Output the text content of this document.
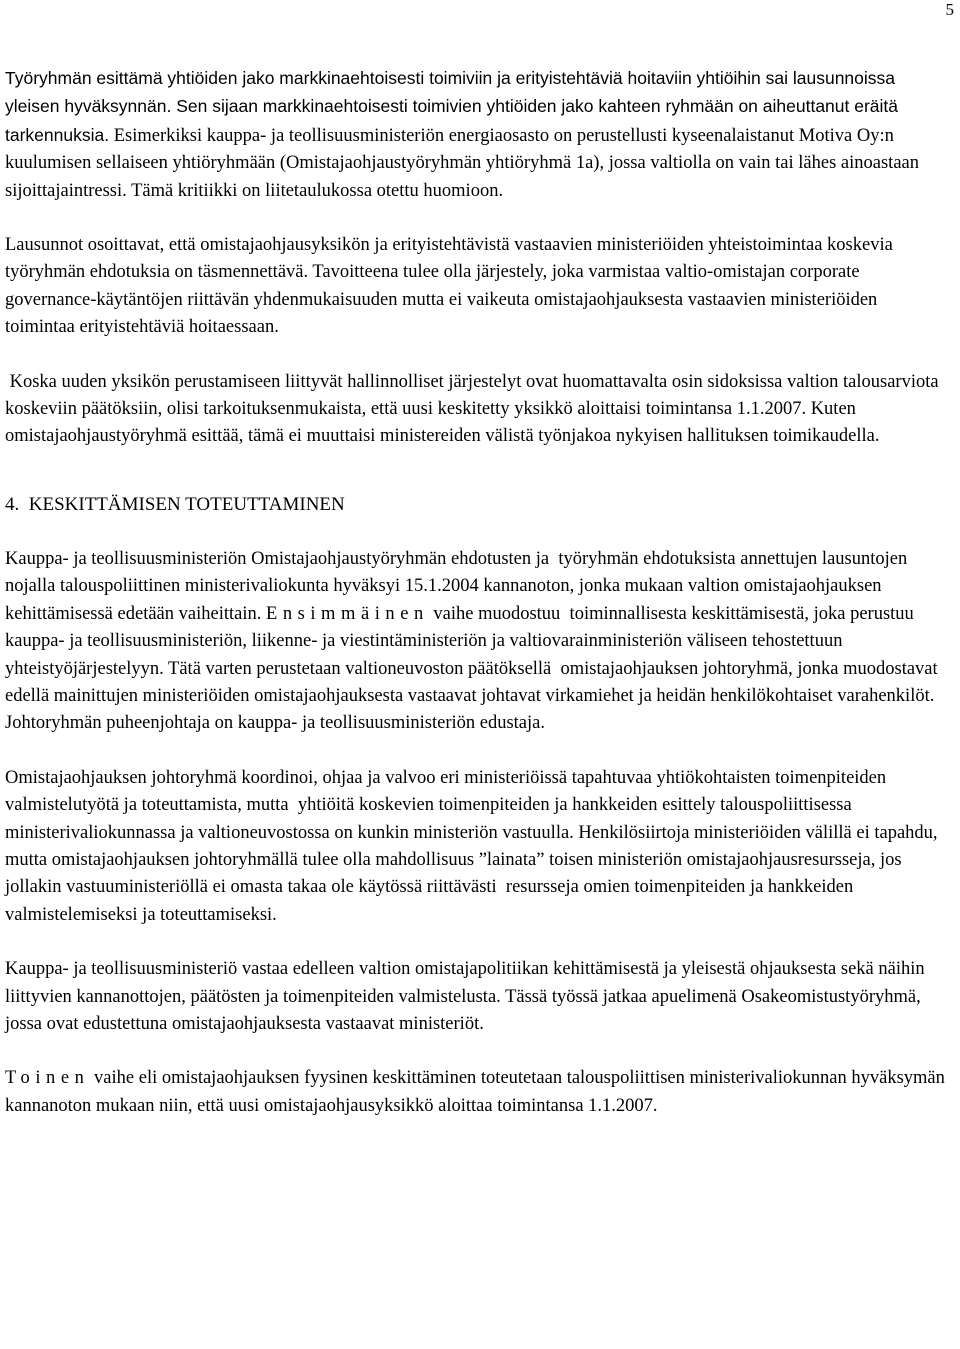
5

Työryhmän esittämä yhtiöiden jako markkinaehtoisesti toimiviin ja erityistehtäviä hoitaviin yhtiöihin sai lausunnoissa yleisen hyväksynnän. Sen sijaan markkinaehtoisesti toimivien yhtiöiden jako kahteen ryhmään on aiheuttanut eräitä tarkennuksia. Esimerkiksi kauppa- ja teollisuusministeriön energiaosasto on perustellusti kyseenalaistanut Motiva Oy:n kuulumisen sellaiseen yhtiöryhmään (Omistajaohjaustyöryhmän yhtiöryhmä 1a), jossa valtiolla on vain tai lähes ainoastaan sijoittajaintressi. Tämä kritiikki on liitetaulukossa otettu huomioon.

Lausunnot osoittavat, että omistajaohjausyksikön ja erityistehtävistä vastaavien ministeriöiden yhteistoimintaa koskevia työryhmän ehdotuksia on täsmennettävä. Tavoitteena tulee olla järjestely, joka varmistaa valtio-omistajan corporate governance-käytäntöjen riittävän yhdenmukaisuuden mutta ei vaikeuta omistajaohjauksesta vastaavien ministeriöiden toimintaa erityistehtäviä hoitaessaan.

Koska uuden yksikön perustamiseen liittyvät hallinnolliset järjestelyt ovat huomattavalta osin sidoksissa valtion talousarviota koskeviin päätöksiin, olisi tarkoituksenmukaista, että uusi keskitetty yksikkö aloittaisi toimintansa 1.1.2007. Kuten omistajaohjaustyöryhmä esittää, tämä ei muuttaisi ministereiden välistä työnjakoa nykyisen hallituksen toimikaudella.

4.  KESKITTÄMISEN TOTEUTTAMINEN

Kauppa- ja teollisuusministeriön Omistajaohjaustyöryhmän ehdotusten ja  työryhmän ehdotuksista annettujen lausuntojen nojalla talouspoliittinen ministerivaliokunta hyväksyi 15.1.2004 kannanoton, jonka mukaan valtion omistajaohjauksen kehittämisessä edetään vaiheittain. Ensimmäinen vaihe muodostuu  toiminnallisesta keskittämisestä, joka perustuu kauppa- ja teollisuusministeriön, liikenne- ja viestintäministeriön ja valtiovarainministeriön väliseen tehostettuun yhteistyöjärjestelyyn. Tätä varten perustetaan valtioneuvoston päätöksellä  omistajaohjauksen johtoryhmä, jonka muodostavat edellä mainittujen ministeriöiden omistajaohjauksesta vastaavat johtavat virkamiehet ja heidän henkilökohtaiset varahenkilöt. Johtoryhmän puheenjohtaja on kauppa- ja teollisuusministeriön edustaja.

Omistajaohjauksen johtoryhmä koordinoi, ohjaa ja valvoo eri ministeriöissä tapahtuvaa yhtiökohtaisten toimenpiteiden  valmistelutyötä ja toteuttamista, mutta  yhtiöitä koskevien toimenpiteiden ja hankkeiden esittely talouspoliittisessa ministerivaliokunnassa ja valtioneuvostossa on kunkin ministeriön vastuulla. Henkilösiirtoja ministeriöiden välillä ei tapahdu, mutta omistajaohjauksen johtoryhmällä tulee olla mahdollisuus ”lainata” toisen ministeriön omistajaohjausresursseja, jos jollakin vastuuministeriöllä ei omasta takaa ole käytössä riittävästi  resursseja omien toimenpiteiden ja hankkeiden valmistelemiseksi ja toteuttamiseksi.

Kauppa- ja teollisuusministeriö vastaa edelleen valtion omistajapolitiikan kehittämisestä ja yleisestä ohjauksesta sekä näihin liittyvien kannanottojen, päätösten ja toimenpiteiden valmistelusta. Tässä työssä jatkaa apuelimenä Osakeomistustyöryhmä, jossa ovat edustettuna omistajaohjauksesta vastaavat ministeriöt.

Toinen vaihe eli omistajaohjauksen fyysinen keskittäminen toteutetaan talouspoliittisen ministerivaliokunnan hyväksymän kannanoton mukaan niin, että uusi omistajaohjausyksikkö aloittaa toimintansa 1.1.2007.
